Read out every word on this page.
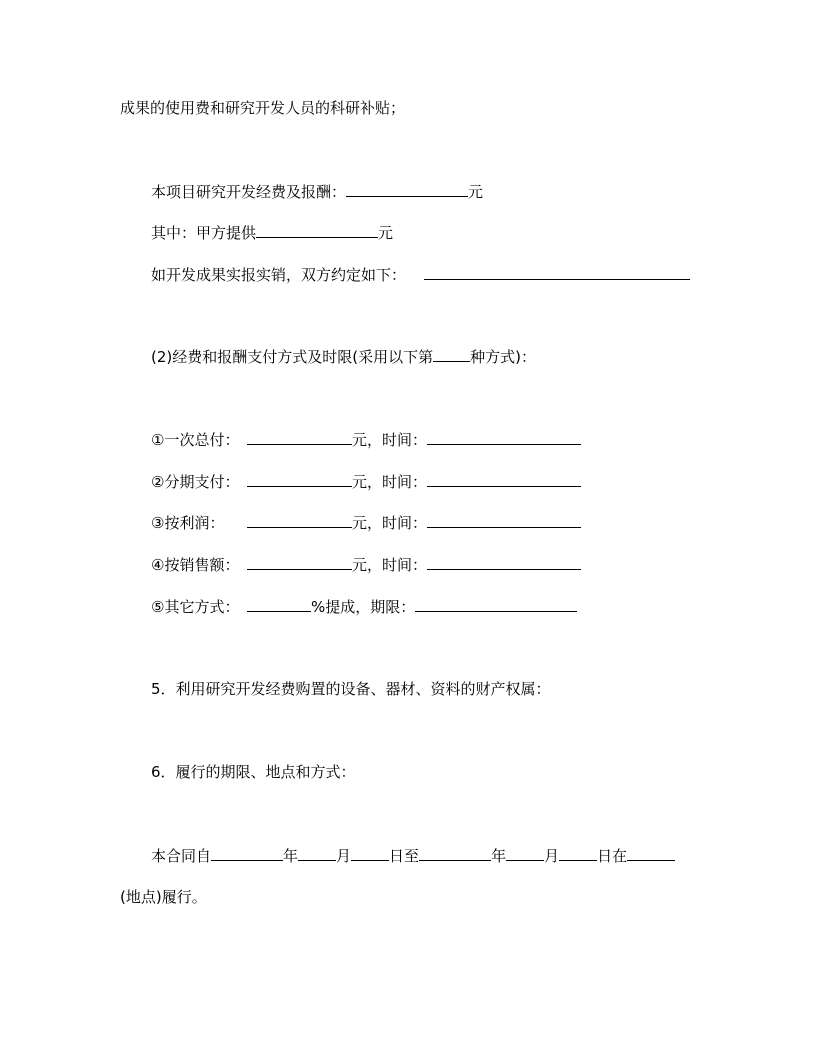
成果的使用费和研究开发人员的科研补贴；
本项目研究开发经费及报酬：	元
其中：甲方提供	元
如开发成果实报实销，双方约定如下：
(2)经费和报酬支付方式及时限(采用以下第 种方式)：
①一次总付：	元，时间：
②分期支付：	元，时间：
③按利润：	元，时间：
④按销售额：	元，时间：
⑤其它方式：	%提成，期限：
5．利用研究开发经费购置的设备、器材、资料的财产权属：
6．履行的期限、地点和方式：
本合同自	年	月	日至	年	月	日在
(地点)履行。
